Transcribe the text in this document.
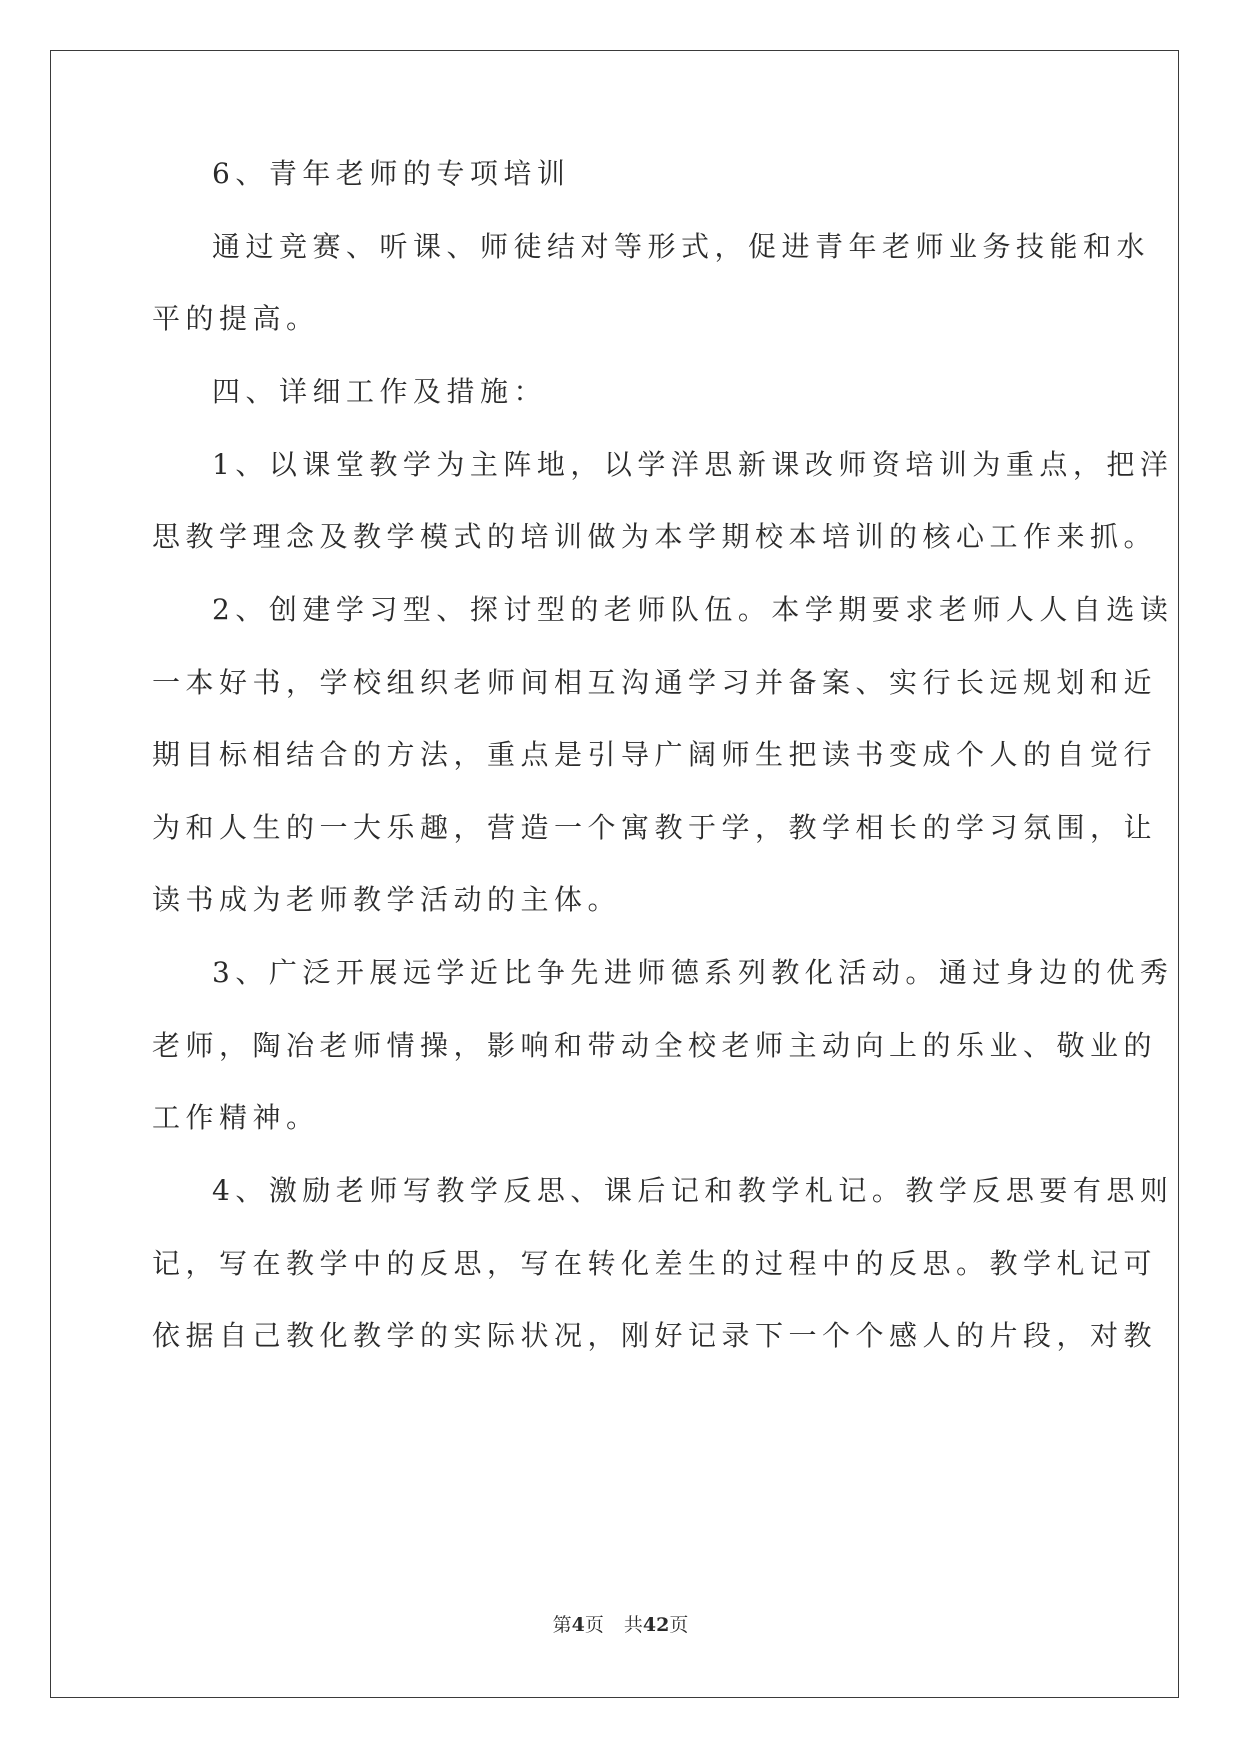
6、青年老师的专项培训
通过竞赛、听课、师徒结对等形式，促进青年老师业务技能和水
平的提高。
四、详细工作及措施：
1、以课堂教学为主阵地，以学洋思新课改师资培训为重点，把洋
思教学理念及教学模式的培训做为本学期校本培训的核心工作来抓。
2、创建学习型、探讨型的老师队伍。本学期要求老师人人自选读
一本好书，学校组织老师间相互沟通学习并备案、实行长远规划和近
期目标相结合的方法，重点是引导广阔师生把读书变成个人的自觉行
为和人生的一大乐趣，营造一个寓教于学，教学相长的学习氛围，让
读书成为老师教学活动的主体。
3、广泛开展远学近比争先进师德系列教化活动。通过身边的优秀
老师，陶冶老师情操，影响和带动全校老师主动向上的乐业、敬业的
工作精神。
4、激励老师写教学反思、课后记和教学札记。教学反思要有思则
记，写在教学中的反思，写在转化差生的过程中的反思。教学札记可
依据自己教化教学的实际状况，刚好记录下一个个感人的片段，对教
第4页 共42页
